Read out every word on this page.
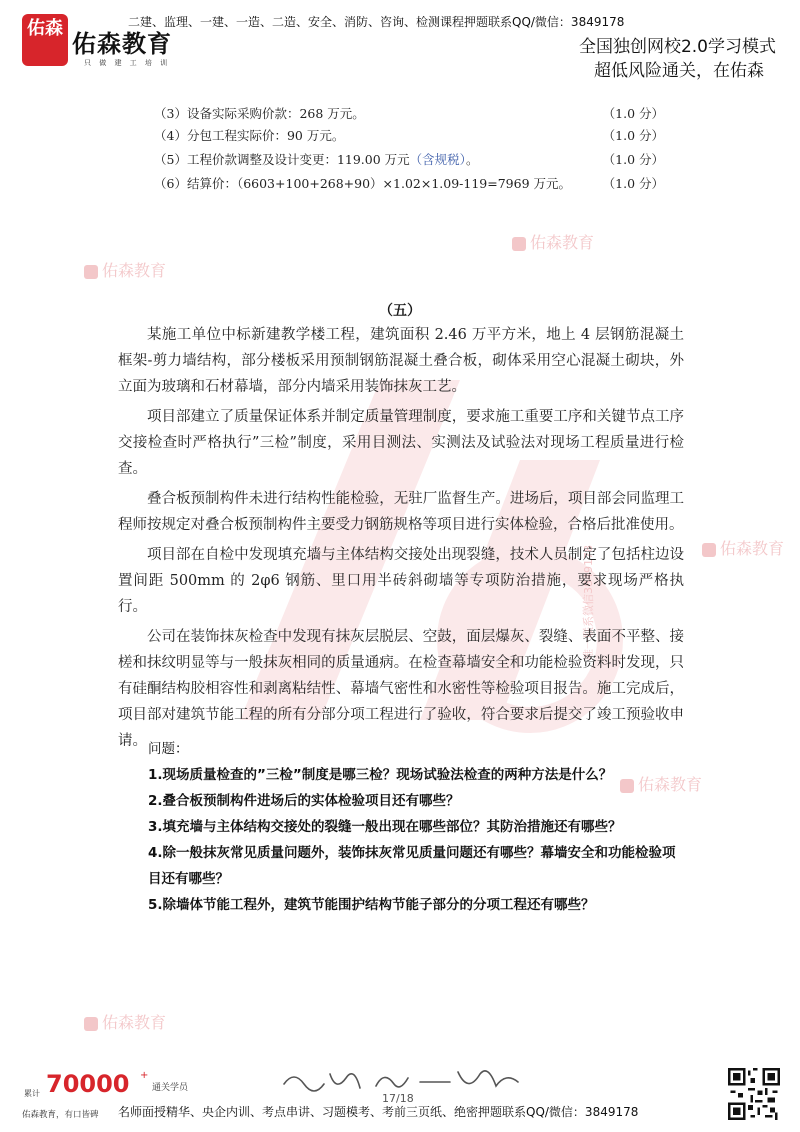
佑森教育
佑森教育
佑森教育
佑森教育
佑森教育
唯一联系微信3849178
佑森
佑森教育
只 做 建 工 培 训
二建、监理、一建、一造、二造、安全、消防、咨询、检测课程押题联系QQ/微信：3849178
全国独创网校2.0学习模式
超低风险通关，在佑森
（3）设备实际采购价款：268 万元。	（1.0 分）
（4）分包工程实际价：90 万元。	（1.0 分）
（5）工程价款调整及设计变更：119.00 万元（含规税）。	（1.0 分）
（6）结算价：（6603+100+268+90）×1.02×1.09-119=7969 万元。	（1.0 分）
（五）

某施工单位中标新建教学楼工程，建筑面积 2.46 万平方米，地上 4 层钢筋混凝土框架-剪力墙结构，部分楼板采用预制钢筋混凝土叠合板，砌体采用空心混凝土砌块，外立面为玻璃和石材幕墙，部分内墙采用装饰抹灰工艺。

项目部建立了质量保证体系并制定质量管理制度，要求施工重要工序和关键节点工序交接检查时严格执行”三检”制度，采用目测法、实测法及试验法对现场工程质量进行检查。

叠合板预制构件未进行结构性能检验，无驻厂监督生产。进场后，项目部会同监理工程师按规定对叠合板预制构件主要受力钢筋规格等项目进行实体检验，合格后批准使用。

项目部在自检中发现填充墙与主体结构交接处出现裂缝，技术人员制定了包括柱边设置间距 500mm 的 2φ6 钢筋、里口用半砖斜砌墙等专项防治措施，要求现场严格执行。

公司在装饰抹灰检查中发现有抹灰层脱层、空鼓，面层爆灰、裂缝、表面不平整、接槎和抹纹明显等与一般抹灰相同的质量通病。在检查幕墙安全和功能检验资料时发现，只有硅酮结构胶相容性和剥离粘结性、幕墙气密性和水密性等检验项目报告。施工完成后，项目部对建筑节能工程的所有分部分项工程进行了验收，符合要求后提交了竣工预验收申请。 问题：
1.现场质量检查的”三检”制度是哪三检？现场试验法检查的两种方法是什么？
2.叠合板预制构件进场后的实体检验项目还有哪些？
3.填充墙与主体结构交接处的裂缝一般出现在哪些部位？其防治措施还有哪些？
4.除一般抹灰常见质量问题外，装饰抹灰常见质量问题还有哪些？幕墙安全和功能检验项目还有哪些？
5.除墙体节能工程外，建筑节能围护结构节能子部分的分项工程还有哪些？
累计 70000 +
通关学员
佑森教育，有口皆碑
17/18
名师面授精华、央企内训、考点串讲、习题模考、考前三页纸、绝密押题联系QQ/微信：3849178
